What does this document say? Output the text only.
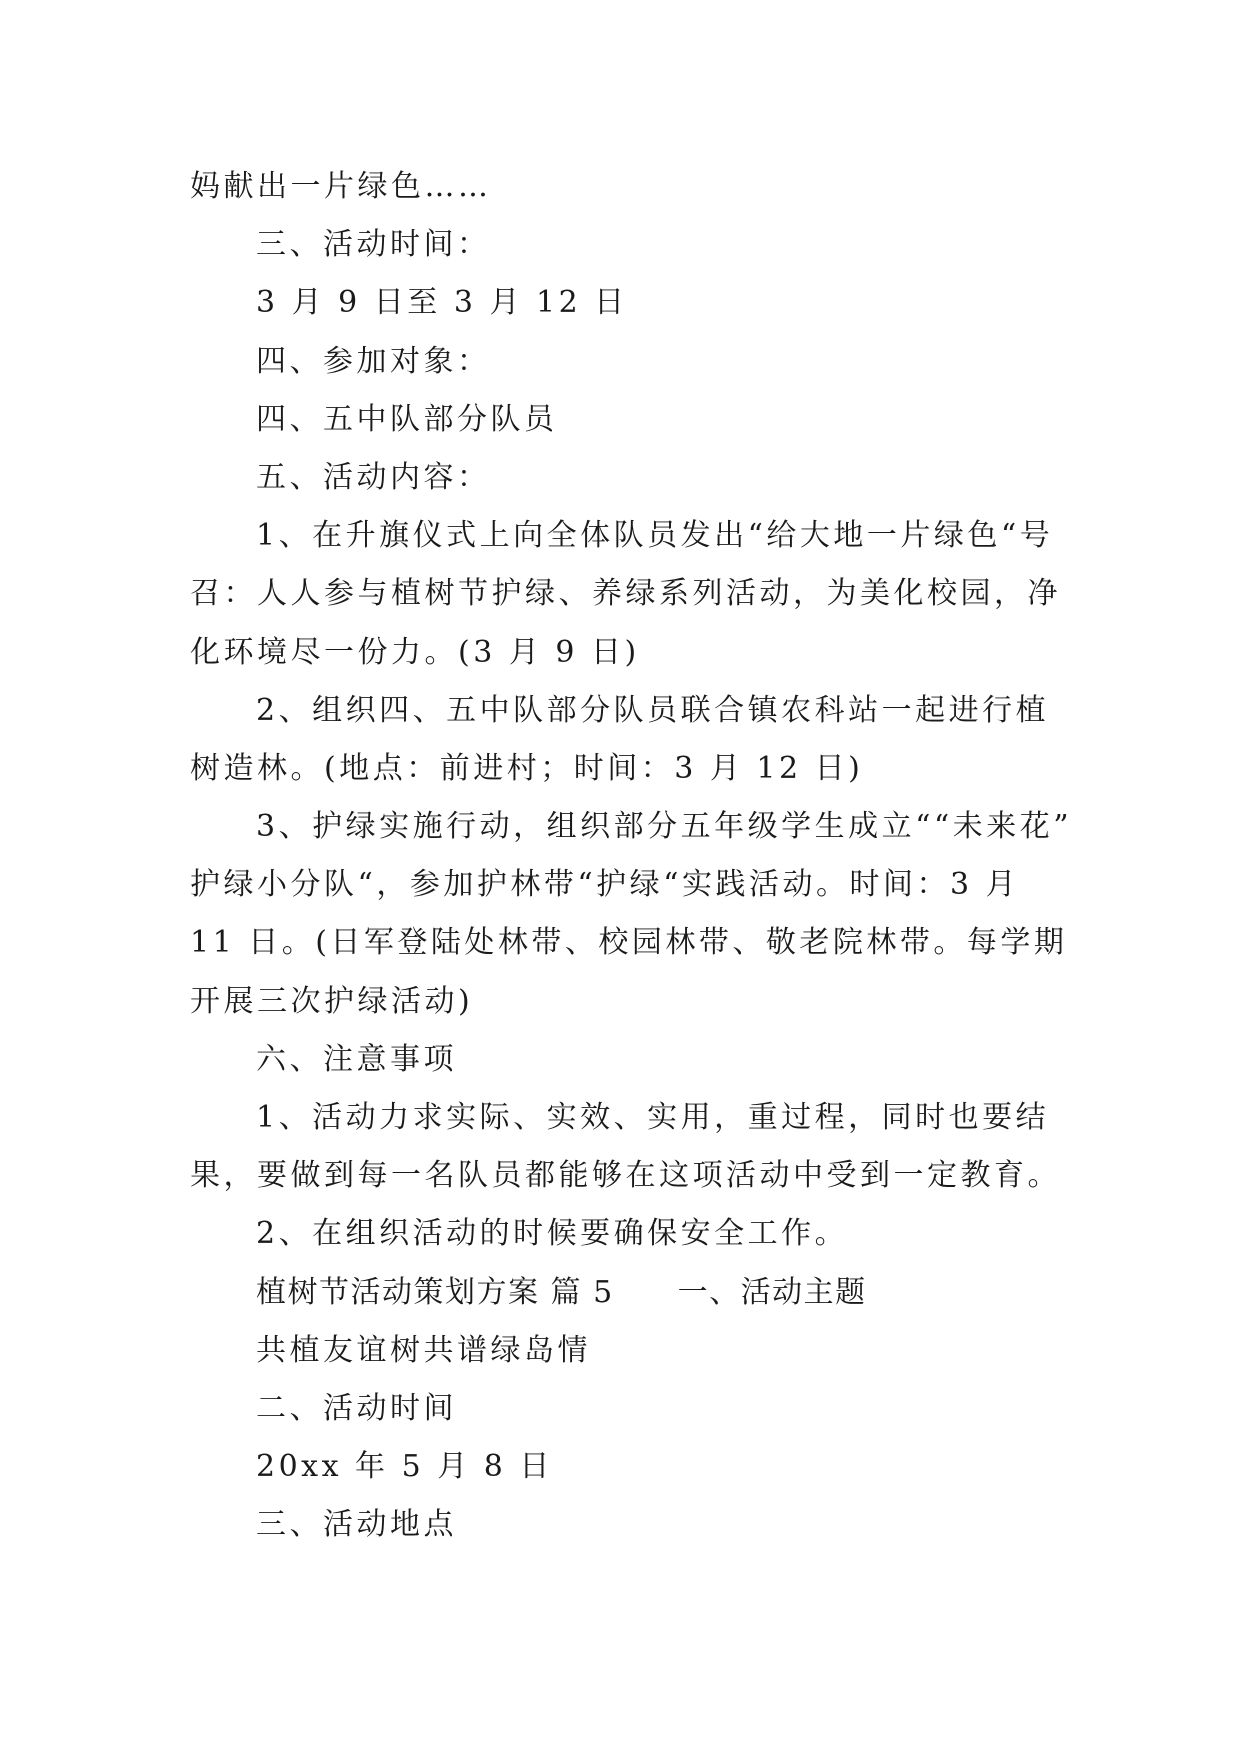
妈献出一片绿色……

三、活动时间：

3 月 9 日至 3 月 12 日

四、参加对象：

四、五中队部分队员

五、活动内容：

1、在升旗仪式上向全体队员发出“给大地一片绿色“号

召：人人参与植树节护绿、养绿系列活动，为美化校园，净

化环境尽一份力。(3 月 9 日)

2、组织四、五中队部分队员联合镇农科站一起进行植

树造林。(地点：前进村；时间：3 月 12 日)

3、护绿实施行动，组织部分五年级学生成立““未来花”

护绿小分队“，参加护林带“护绿“实践活动。时间：3 月

11 日。(日军登陆处林带、校园林带、敬老院林带。每学期

开展三次护绿活动)

六、注意事项

1、活动力求实际、实效、实用，重过程，同时也要结

果，要做到每一名队员都能够在这项活动中受到一定教育。

2、在组织活动的时候要确保安全工作。

植树节活动策划方案 篇 5 一、活动主题

共植友谊树共谱绿岛情

二、活动时间

20xx 年 5 月 8 日

三、活动地点
